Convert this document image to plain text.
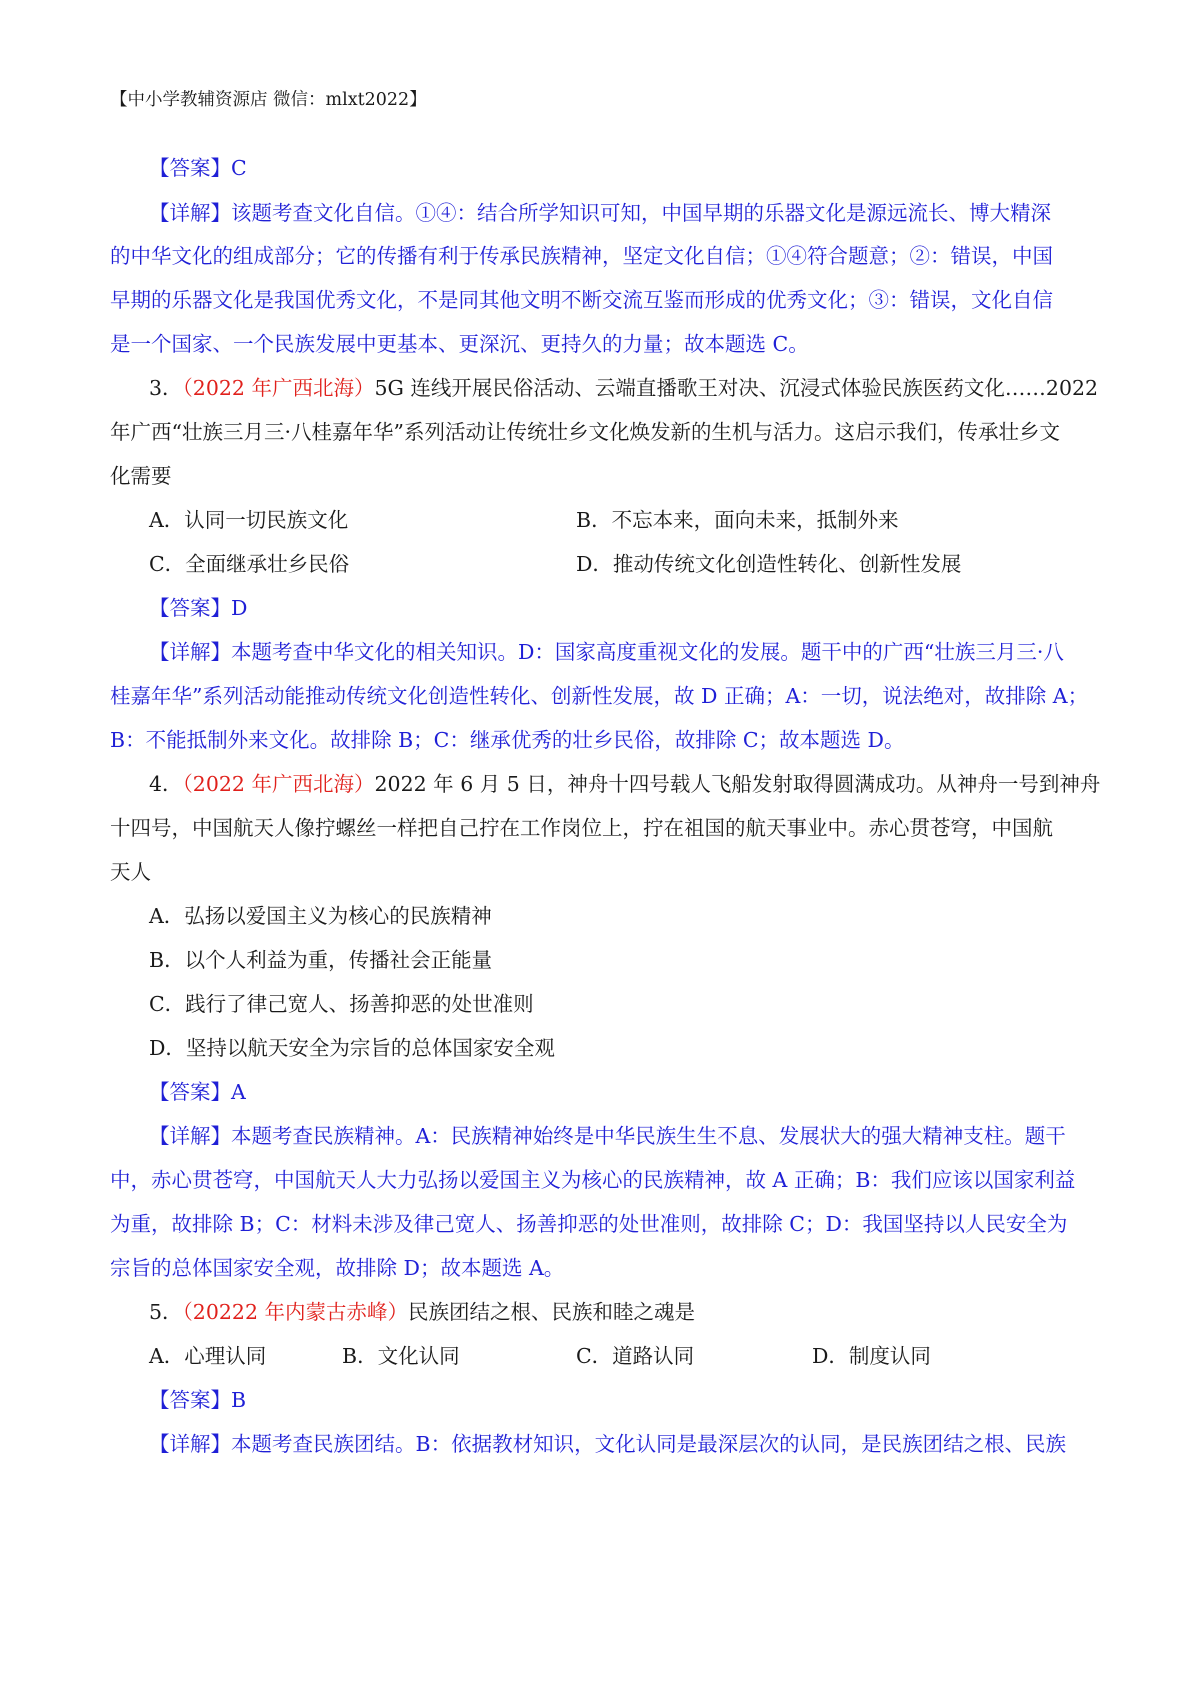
【中小学教辅资源店 微信：mlxt2022】
【答案】C
【详解】该题考查文化自信。①④：结合所学知识可知，中国早期的乐器文化是源远流长、博大精深
的中华文化的组成部分；它的传播有利于传承民族精神，坚定文化自信；①④符合题意；②：错误，中国
早期的乐器文化是我国优秀文化，不是同其他文明不断交流互鉴而形成的优秀文化；③：错误，文化自信
是一个国家、一个民族发展中更基本、更深沉、更持久的力量；故本题选 C。
3．（2022 年广西北海）5G 连线开展民俗活动、云端直播歌王对决、沉浸式体验民族医药文化……2022
年广西“壮族三月三·八桂嘉年华”系列活动让传统壮乡文化焕发新的生机与活力。这启示我们，传承壮乡文
化需要
A．认同一切民族文化	B．不忘本来，面向未来，抵制外来
C．全面继承壮乡民俗	D．推动传统文化创造性转化、创新性发展
【答案】D
【详解】本题考查中华文化的相关知识。D：国家高度重视文化的发展。题干中的广西“壮族三月三·八
桂嘉年华”系列活动能推动传统文化创造性转化、创新性发展，故 D 正确；A：一切，说法绝对，故排除 A；
B：不能抵制外来文化。故排除 B；C：继承优秀的壮乡民俗，故排除 C；故本题选 D。
4．（2022 年广西北海）2022 年 6 月 5 日，神舟十四号载人飞船发射取得圆满成功。从神舟一号到神舟
十四号，中国航天人像拧螺丝一样把自己拧在工作岗位上，拧在祖国的航天事业中。赤心贯苍穹，中国航
天人
A．弘扬以爱国主义为核心的民族精神
B．以个人利益为重，传播社会正能量
C．践行了律己宽人、扬善抑恶的处世准则
D．坚持以航天安全为宗旨的总体国家安全观
【答案】A
【详解】本题考查民族精神。A：民族精神始终是中华民族生生不息、发展状大的强大精神支柱。题干
中，赤心贯苍穹，中国航天人大力弘扬以爱国主义为核心的民族精神，故 A 正确；B：我们应该以国家利益
为重，故排除 B；C：材料未涉及律己宽人、扬善抑恶的处世准则，故排除 C；D：我国坚持以人民安全为
宗旨的总体国家安全观，故排除 D；故本题选 A。
5．（20222 年内蒙古赤峰）民族团结之根、民族和睦之魂是
A．心理认同	B．文化认同	C．道路认同	D．制度认同
【答案】B
【详解】本题考查民族团结。B：依据教材知识，文化认同是最深层次的认同，是民族团结之根、民族
